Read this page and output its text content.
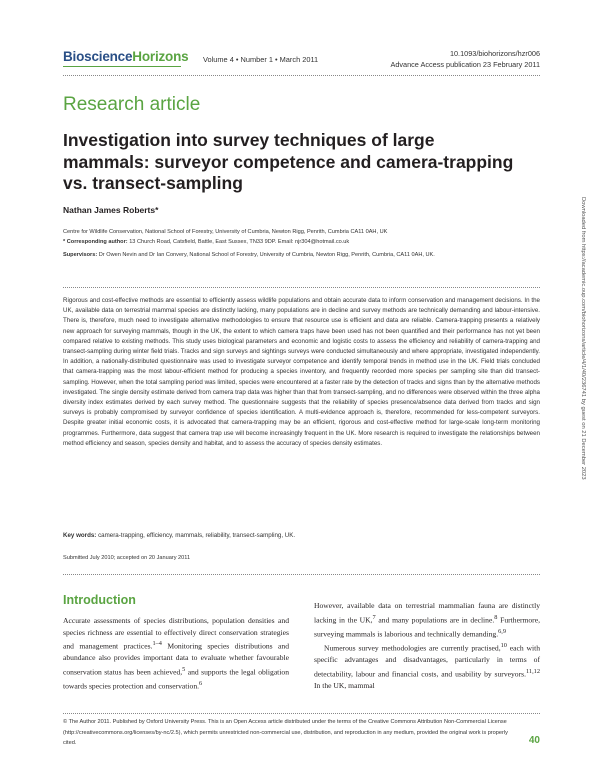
BioscienceHorizons Volume 4 • Number 1 • March 2011
10.1093/biohorizons/hzr006
Advance Access publication 23 February 2011
Research article
Investigation into survey techniques of large mammals: surveyor competence and camera-trapping vs. transect-sampling
Nathan James Roberts*
Centre for Wildlife Conservation, National School of Forestry, University of Cumbria, Newton Rigg, Penrith, Cumbria CA11 0AH, UK
* Corresponding author: 13 Church Road, Catsfield, Battle, East Sussex, TN33 9DP. Email: njr304@hotmail.co.uk
Supervisors: Dr Owen Nevin and Dr Ian Convery, National School of Forestry, University of Cumbria, Newton Rigg, Penrith, Cumbria, CA11 0AH, UK.
Rigorous and cost-effective methods are essential to efficiently assess wildlife populations and obtain accurate data to inform conservation and management decisions. In the UK, available data on terrestrial mammal species are distinctly lacking, many populations are in decline and survey methods are technically demanding and labour-intensive. There is, therefore, much need to investigate alternative methodologies to ensure that resource use is efficient and data are reliable. Camera-trapping presents a relatively new approach for surveying mammals, though in the UK, the extent to which camera traps have been used has not been quantified and their performance has not yet been compared relative to existing methods. This study uses biological parameters and economic and logistic costs to assess the efficiency and reliability of camera-trapping and transect-sampling during winter field trials. Tracks and sign surveys and sightings surveys were conducted simultaneously and where appropriate, investigated independently. In addition, a nationally-distributed questionnaire was used to investigate surveyor competence and identify temporal trends in method use in the UK. Field trials concluded that camera-trapping was the most labour-efficient method for producing a species inventory, and frequently recorded more species per sampling site than did transect-sampling. However, when the total sampling period was limited, species were encountered at a faster rate by the detection of tracks and signs than by the alternative methods investigated. The single density estimate derived from camera trap data was higher than that from transect-sampling, and no differences were observed within the three alpha diversity index estimates derived by each survey method. The questionnaire suggests that the reliability of species presence/absence data derived from tracks and sign surveys is probably compromised by surveyor confidence of species identification. A multi-evidence approach is, therefore, recommended for less-competent surveyors. Despite greater initial economic costs, it is advocated that camera-trapping may be an efficient, rigorous and cost-effective method for large-scale long-term monitoring programmes. Furthermore, data suggest that camera trap use will become increasingly frequent in the UK. More research is required to investigate the relationships between method efficiency and season, species density and habitat, and to assess the accuracy of species density estimates.
Key words: camera-trapping, efficiency, mammals, reliability, transect-sampling, UK.
Submitted July 2010; accepted on 20 January 2011
Introduction

Accurate assessments of species distributions, population densities and species richness are essential to effectively direct conservation strategies and management practices.$^{1-4}$ Monitoring species distributions and abundance also provides important data to evaluate whether favourable conservation status has been achieved,$^5$ and supports the legal obligation towards species protection and conservation.$^6$

However, available data on terrestrial mammalian fauna are distinctly lacking in the UK,$^7$ and many populations are in decline.$^8$ Furthermore, surveying mammals is laborious and technically demanding.$^{6,9}$

Numerous survey methodologies are currently practised,$^{10}$ each with specific advantages and disadvantages, particularly in terms of detectability, labour and financial costs, and usability by surveyors.$^{11,12}$ In the UK, mammal

© The Author 2011. Published by Oxford University Press. This is an Open Access article distributed under the terms of the Creative Commons Attribution Non-Commercial License (http://creativecommons.org/licenses/by-nc/2.5), which permits unrestricted non-commercial use, distribution, and reproduction in any medium, provided the original work is properly cited.	40
Downloaded from https://academic.oup.com/biohorizons/article/4/1/40/236741 by guest on 21 December 2023
